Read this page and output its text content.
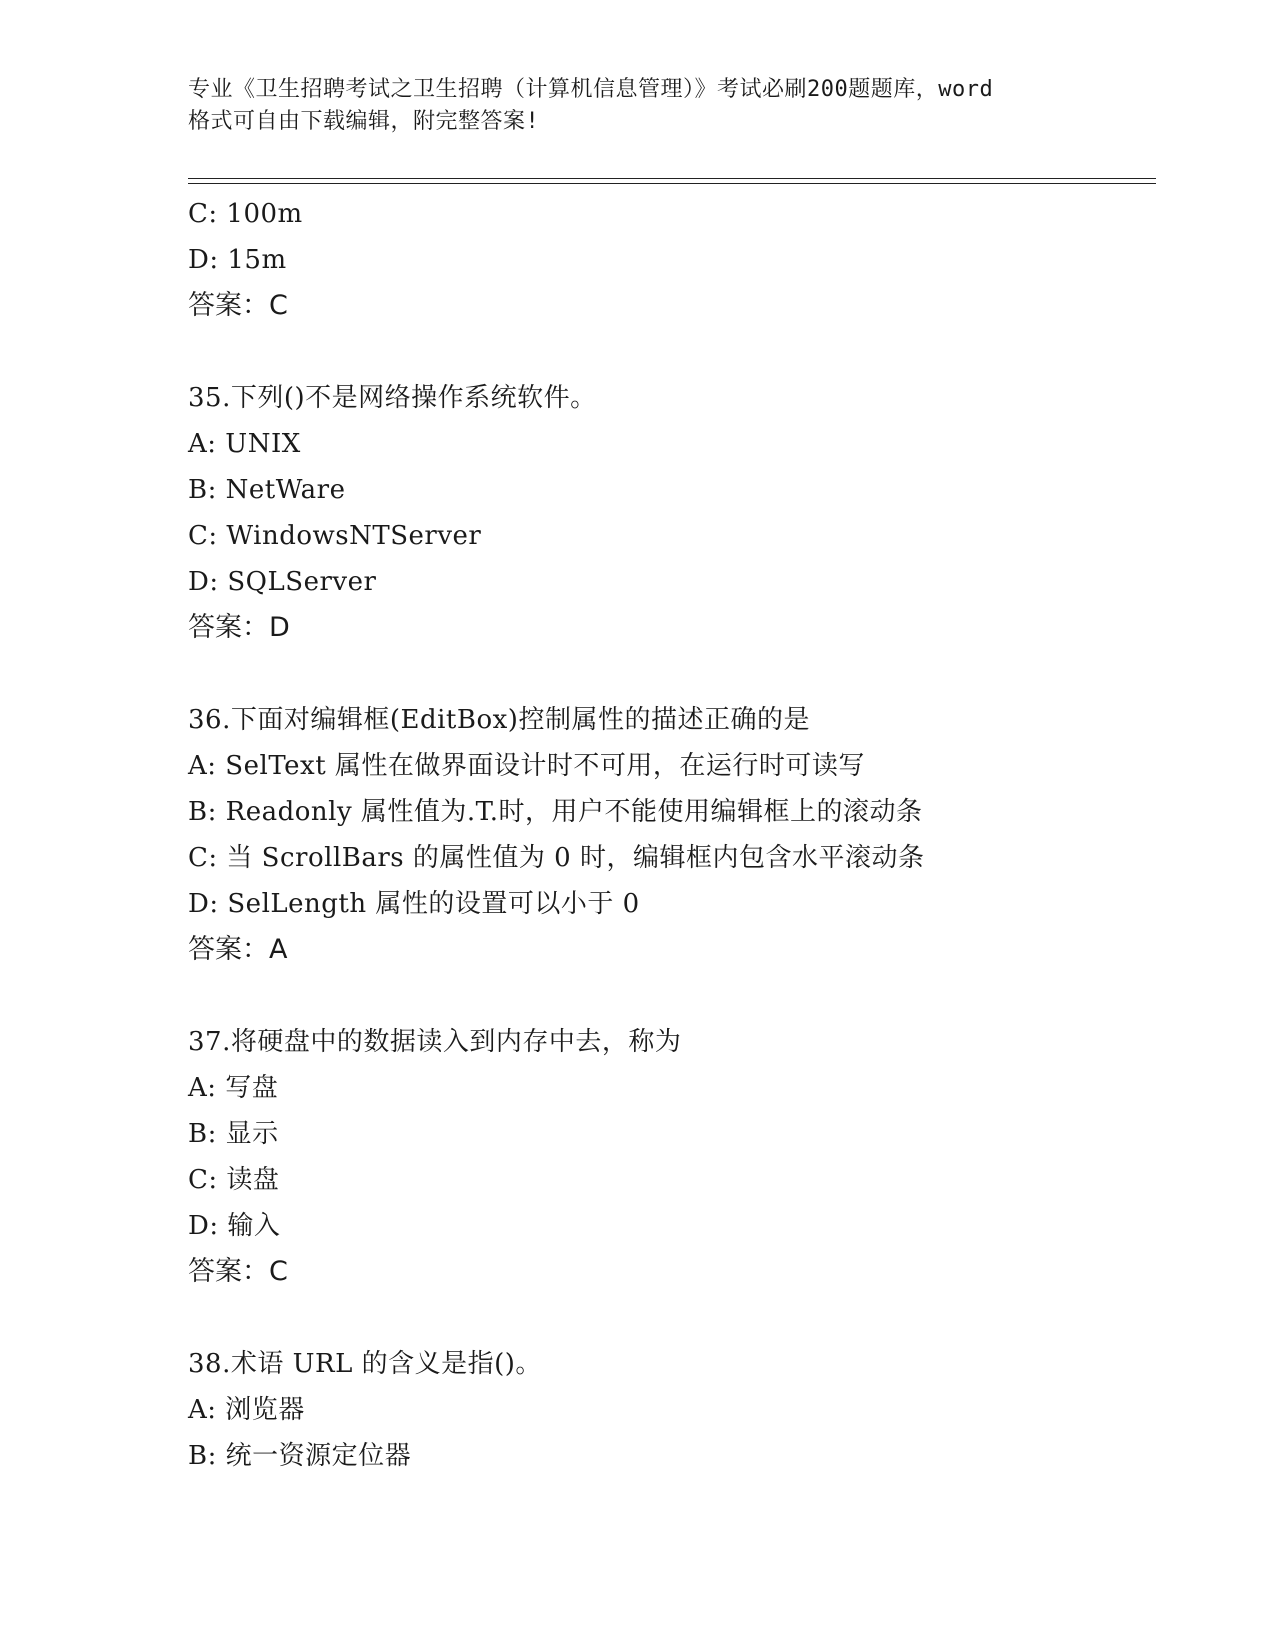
专业《卫生招聘考试之卫生招聘（计算机信息管理）》考试必刷200题题库，word
格式可自由下载编辑，附完整答案!
C: 100m
D: 15m
答案：C
35.下列()不是网络操作系统软件。
A: UNIX
B: NetWare
C: WindowsNTServer
D: SQLServer
答案：D
36.下面对编辑框(EditBox)控制属性的描述正确的是
A: SelText 属性在做界面设计时不可用，在运行时可读写
B: Readonly 属性值为.T.时，用户不能使用编辑框上的滚动条
C: 当 ScrollBars 的属性值为 0 时，编辑框内包含水平滚动条
D: SelLength 属性的设置可以小于 0
答案：A
37.将硬盘中的数据读入到内存中去，称为
A: 写盘
B: 显示
C: 读盘
D: 输入
答案：C
38.术语 URL 的含义是指()。
A: 浏览器
B: 统一资源定位器
